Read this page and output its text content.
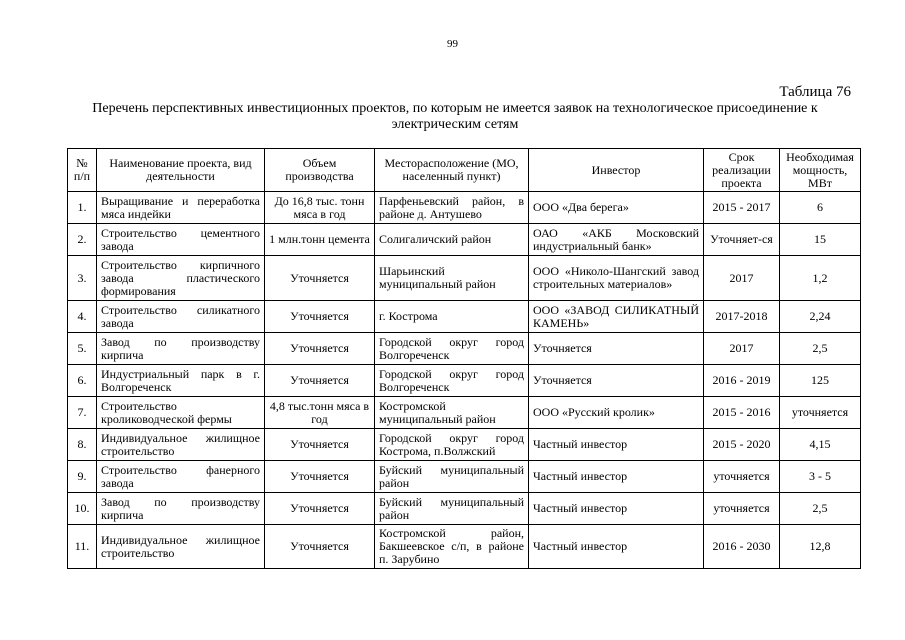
99
Таблица 76
Перечень перспективных инвестиционных проектов, по которым не имеется заявок на технологическое присоединение к электрическим сетям
№ п/п	Наименование проекта, вид деятельности	Объем производства	Месторасположение (МО, населенный пункт)	Инвестор	Срок реализации проекта	Необходимая мощность, МВт
1.	Выращивание и переработка мяса индейки	До 16,8 тыс. тонн мяса в год	Парфеньевский район, в районе д. Антушево	ООО «Два берега»	2015 - 2017	6
2.	Строительство цементного завода	1 млн.тонн цемента	Солигаличский район	ОАО «АКБ Московский индустриальный банк»	Уточняет-ся	15
3.	Строительство кирпичного завода пластического формирования	Уточняется	Шарьинский муниципальный район	ООО «Николо-Шангский завод строительных материалов»	2017	1,2
4.	Строительство силикатного завода	Уточняется	г. Кострома	ООО «ЗАВОД СИЛИКАТНЫЙ КАМЕНЬ»	2017-2018	2,24
5.	Завод по производству кирпича	Уточняется	Городской округ город Волгореченск	Уточняется	2017	2,5
6.	Индустриальный парк в г. Волгореченск	Уточняется	Городской округ город Волгореченск	Уточняется	2016 - 2019	125
7.	Строительство кролиководческой фермы	4,8 тыс.тонн мяса в год	Костромской муниципальный район	ООО «Русский кролик»	2015 - 2016	уточняется
8.	Индивидуальное жилищное строительство	Уточняется	Городской округ город Кострома, п.Волжский	Частный инвестор	2015 - 2020	4,15
9.	Строительство фанерного завода	Уточняется	Буйский муниципальный район	Частный инвестор	уточняется	3 - 5
10.	Завод по производству кирпича	Уточняется	Буйский муниципальный район	Частный инвестор	уточняется	2,5
11.	Индивидуальное жилищное строительство	Уточняется	Костромской район, Бакшеевское с/п, в районе п. Зарубино	Частный инвестор	2016 - 2030	12,8
